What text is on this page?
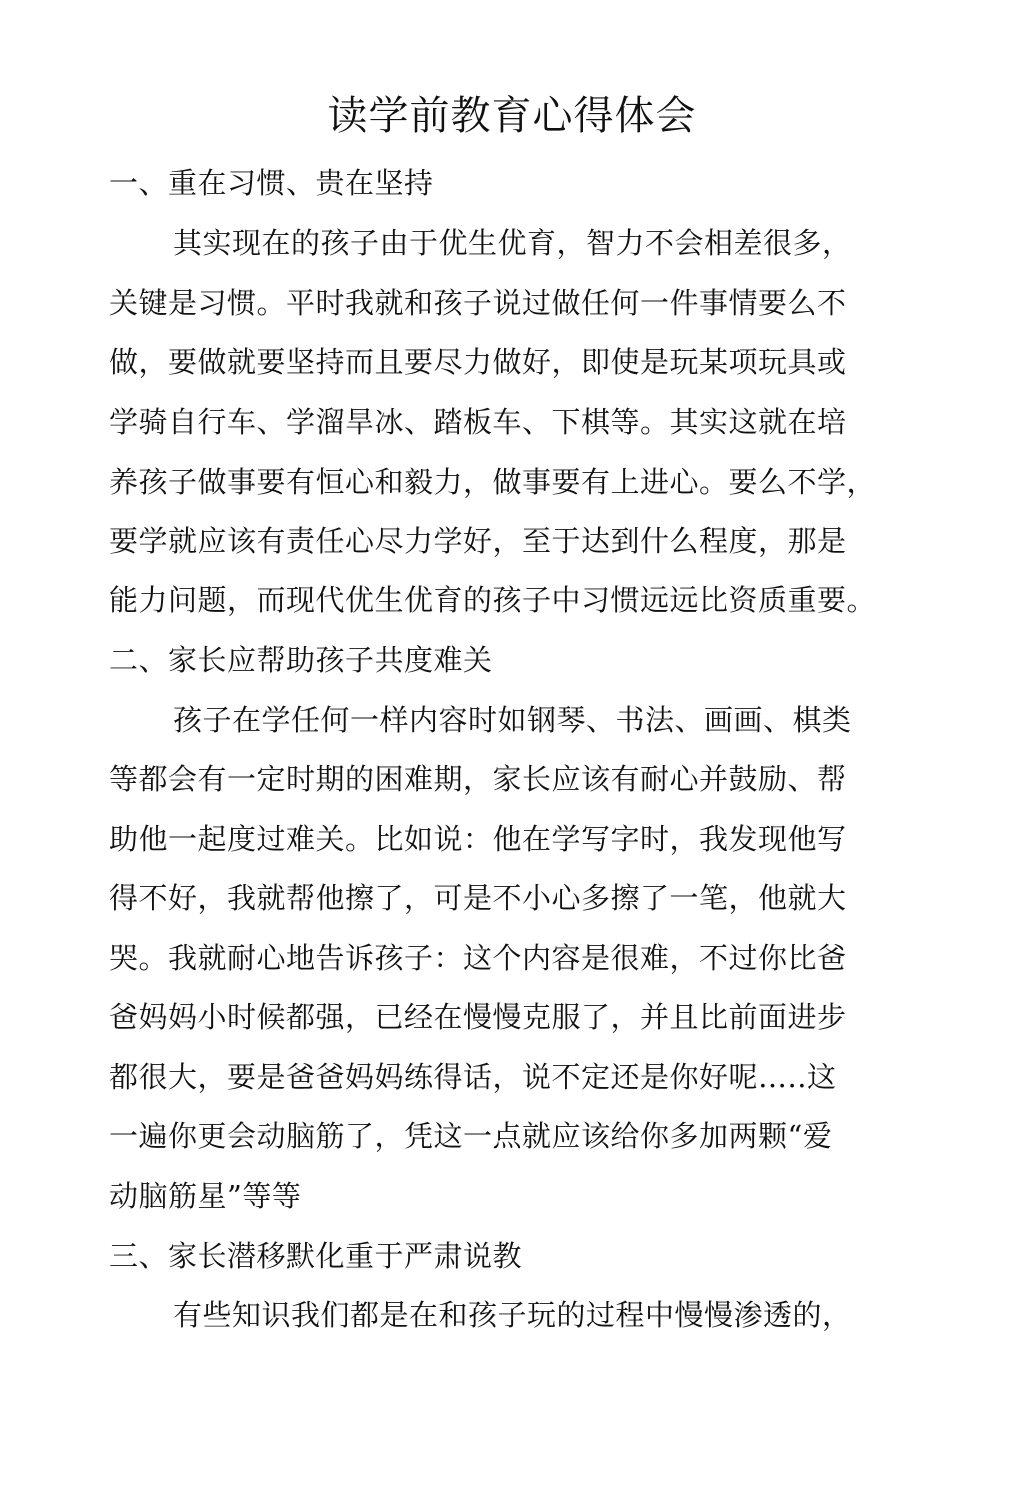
读学前教育心得体会
一、重在习惯、贵在坚持
其实现在的孩子由于优生优育，智力不会相差很多，
关键是习惯。平时我就和孩子说过做任何一件事情要么不
做，要做就要坚持而且要尽力做好，即使是玩某项玩具或
学骑自行车、学溜旱冰、踏板车、下棋等。其实这就在培
养孩子做事要有恒心和毅力，做事要有上进心。要么不学，
要学就应该有责任心尽力学好，至于达到什么程度，那是
能力问题，而现代优生优育的孩子中习惯远远比资质重要。
二、家长应帮助孩子共度难关
孩子在学任何一样内容时如钢琴、书法、画画、棋类
等都会有一定时期的困难期，家长应该有耐心并鼓励、帮
助他一起度过难关。比如说：他在学写字时，我发现他写
得不好，我就帮他擦了，可是不小心多擦了一笔，他就大
哭。我就耐心地告诉孩子：这个内容是很难，不过你比爸
爸妈妈小时候都强，已经在慢慢克服了，并且比前面进步
都很大，要是爸爸妈妈练得话，说不定还是你好呢…..这
一遍你更会动脑筋了，凭这一点就应该给你多加两颗“爱
动脑筋星”等等
三、家长潜移默化重于严肃说教
有些知识我们都是在和孩子玩的过程中慢慢渗透的，
